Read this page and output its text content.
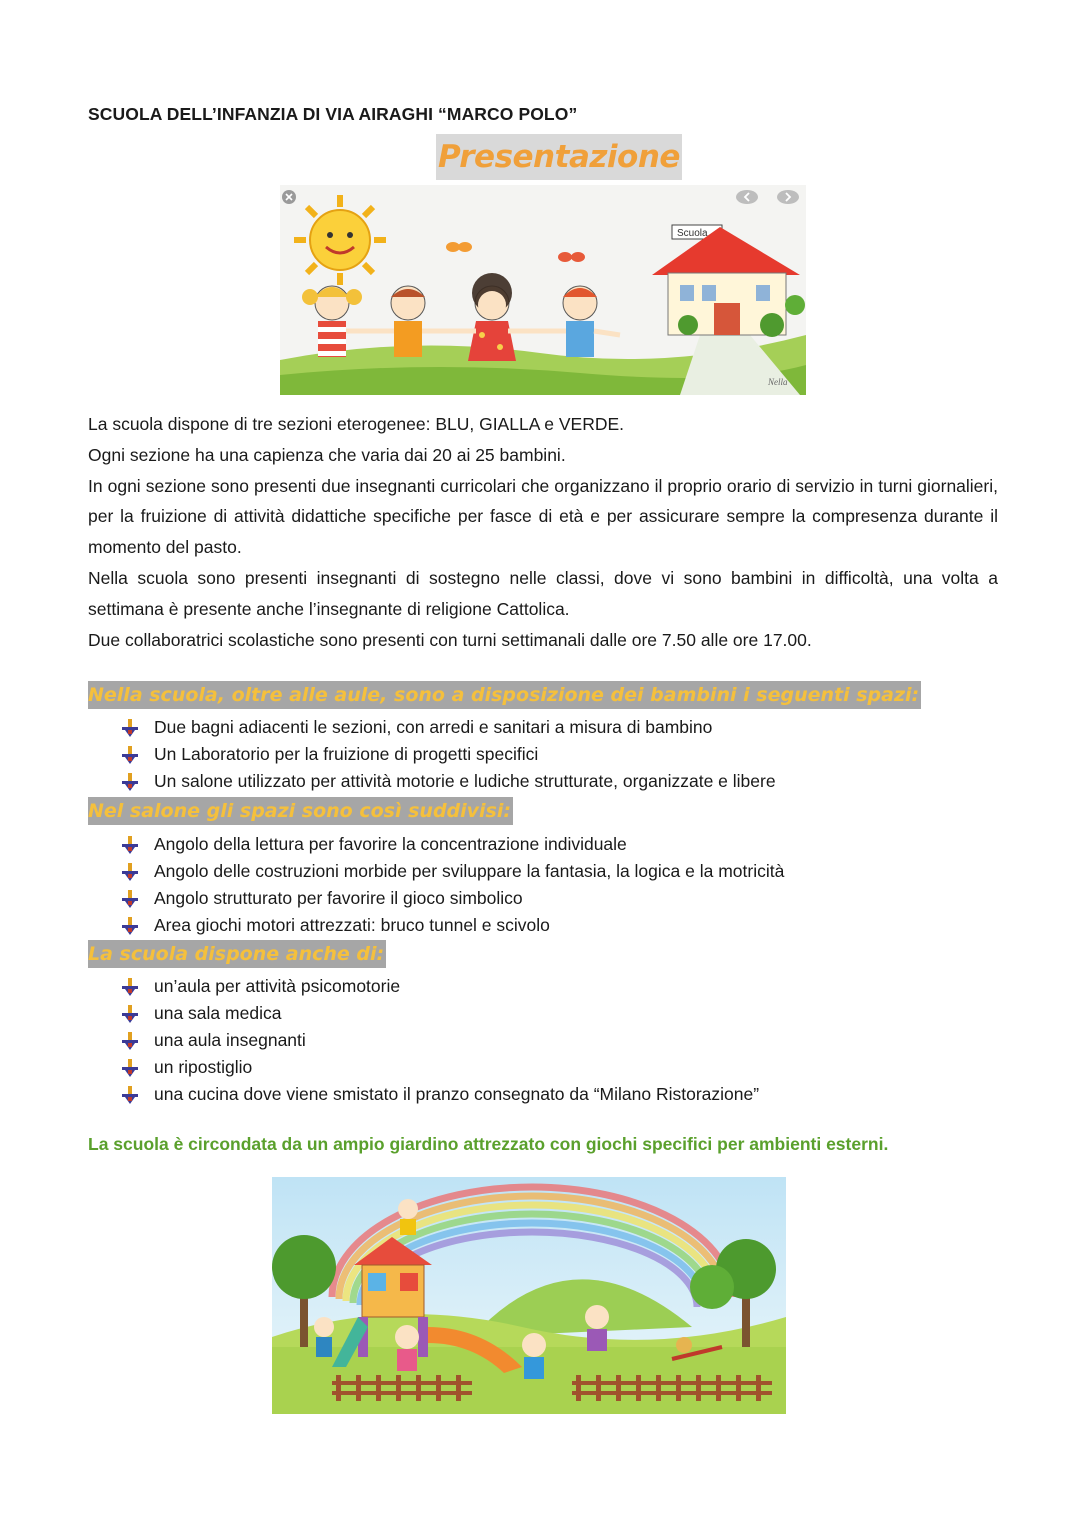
SCUOLA DELL’INFANZIA DI VIA AIRAGHI “MARCO POLO”
Presentazione
Scuola
Nella
La scuola dispone di tre sezioni eterogenee: BLU, GIALLA e VERDE.
Ogni sezione ha una capienza che varia dai 20 ai 25 bambini.
In ogni sezione sono presenti due insegnanti curricolari che organizzano il proprio orario di servizio in turni giornalieri, per la fruizione di attività didattiche specifiche per fasce di età e per assicurare sempre la compresenza durante il momento del pasto.
Nella scuola sono presenti insegnanti di sostegno nelle classi, dove vi sono bambini in difficoltà, una volta a settimana è presente anche l’insegnante di religione Cattolica.
Due collaboratrici scolastiche sono presenti con turni settimanali dalle ore 7.50 alle ore 17.00.
Nella scuola, oltre alle aule, sono a disposizione dei bambini i seguenti spazi:
Due bagni adiacenti le sezioni, con arredi e sanitari a misura di bambino
Un Laboratorio per la fruizione di progetti specifici
Un salone utilizzato per attività motorie e ludiche strutturate, organizzate e libere
Nel salone gli spazi sono così suddivisi:
Angolo della lettura per favorire la concentrazione individuale
Angolo delle costruzioni morbide per sviluppare la fantasia, la logica e la motricità
Angolo strutturato per favorire il gioco simbolico
Area giochi motori attrezzati: bruco tunnel e scivolo
La scuola dispone anche di:
un’aula per attività psicomotorie
una sala medica
una aula insegnanti
un ripostiglio
una cucina dove viene smistato il pranzo consegnato da “Milano Ristorazione”
La scuola è circondata da un ampio giardino attrezzato con giochi specifici per ambienti esterni.
